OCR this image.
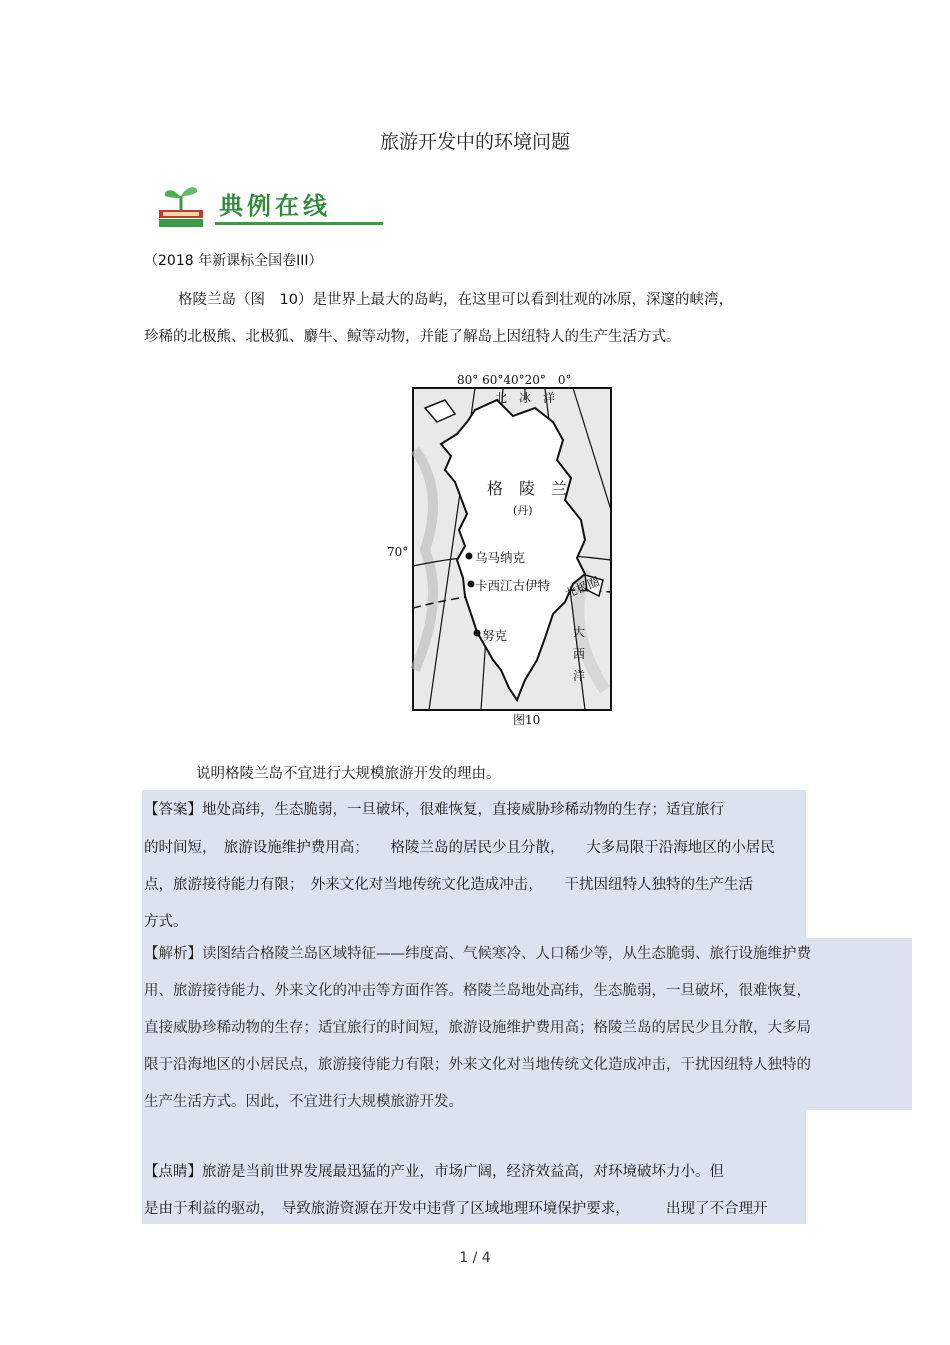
旅游开发中的环境问题
典例在线
（2018 年新课标全国卷III）
格陵兰岛（图　10）是世界上最大的岛屿，在这里可以看到壮观的冰原，深邃的峡湾，
珍稀的北极熊、北极狐、麝牛、鲸等动物，并能了解岛上因纽特人的生产生活方式。
80° 60°40°20°　0°
70°
北　冰　洋
格　陵　兰
(丹)
乌马纳克
卡西江古伊特
努克
北极圈
大
西
洋
图10
说明格陵兰岛不宜进行大规模旅游开发的理由。
【答案】地处高纬，生态脆弱，一旦破坏，很难恢复，直接威胁珍稀动物的生存；适宜旅行
的时间短，　旅游设施维护费用高；　　格陵兰岛的居民少且分散，　　大多局限于沿海地区的小居民
点，旅游接待能力有限；　外来文化对当地传统文化造成冲击，　　干扰因纽特人独特的生产生活
方式。
【解析】读图结合格陵兰岛区域特征——纬度高、气候寒冷、人口稀少等，从生态脆弱、旅行设施维护费
用、旅游接待能力、外来文化的冲击等方面作答。格陵兰岛地处高纬，生态脆弱，一旦破坏，很难恢复，
直接威胁珍稀动物的生存；适宜旅行的时间短，旅游设施维护费用高；格陵兰岛的居民少且分散，大多局
限于沿海地区的小居民点，旅游接待能力有限；外来文化对当地传统文化造成冲击，干扰因纽特人独特的
生产生活方式。因此，不宜进行大规模旅游开发。
【点睛】旅游是当前世界发展最迅猛的产业，市场广阔，经济效益高，对环境破坏力小。但
是由于利益的驱动，　导致旅游资源在开发中违背了区域地理环境保护要求，　　　出现了不合理开
1 / 4
